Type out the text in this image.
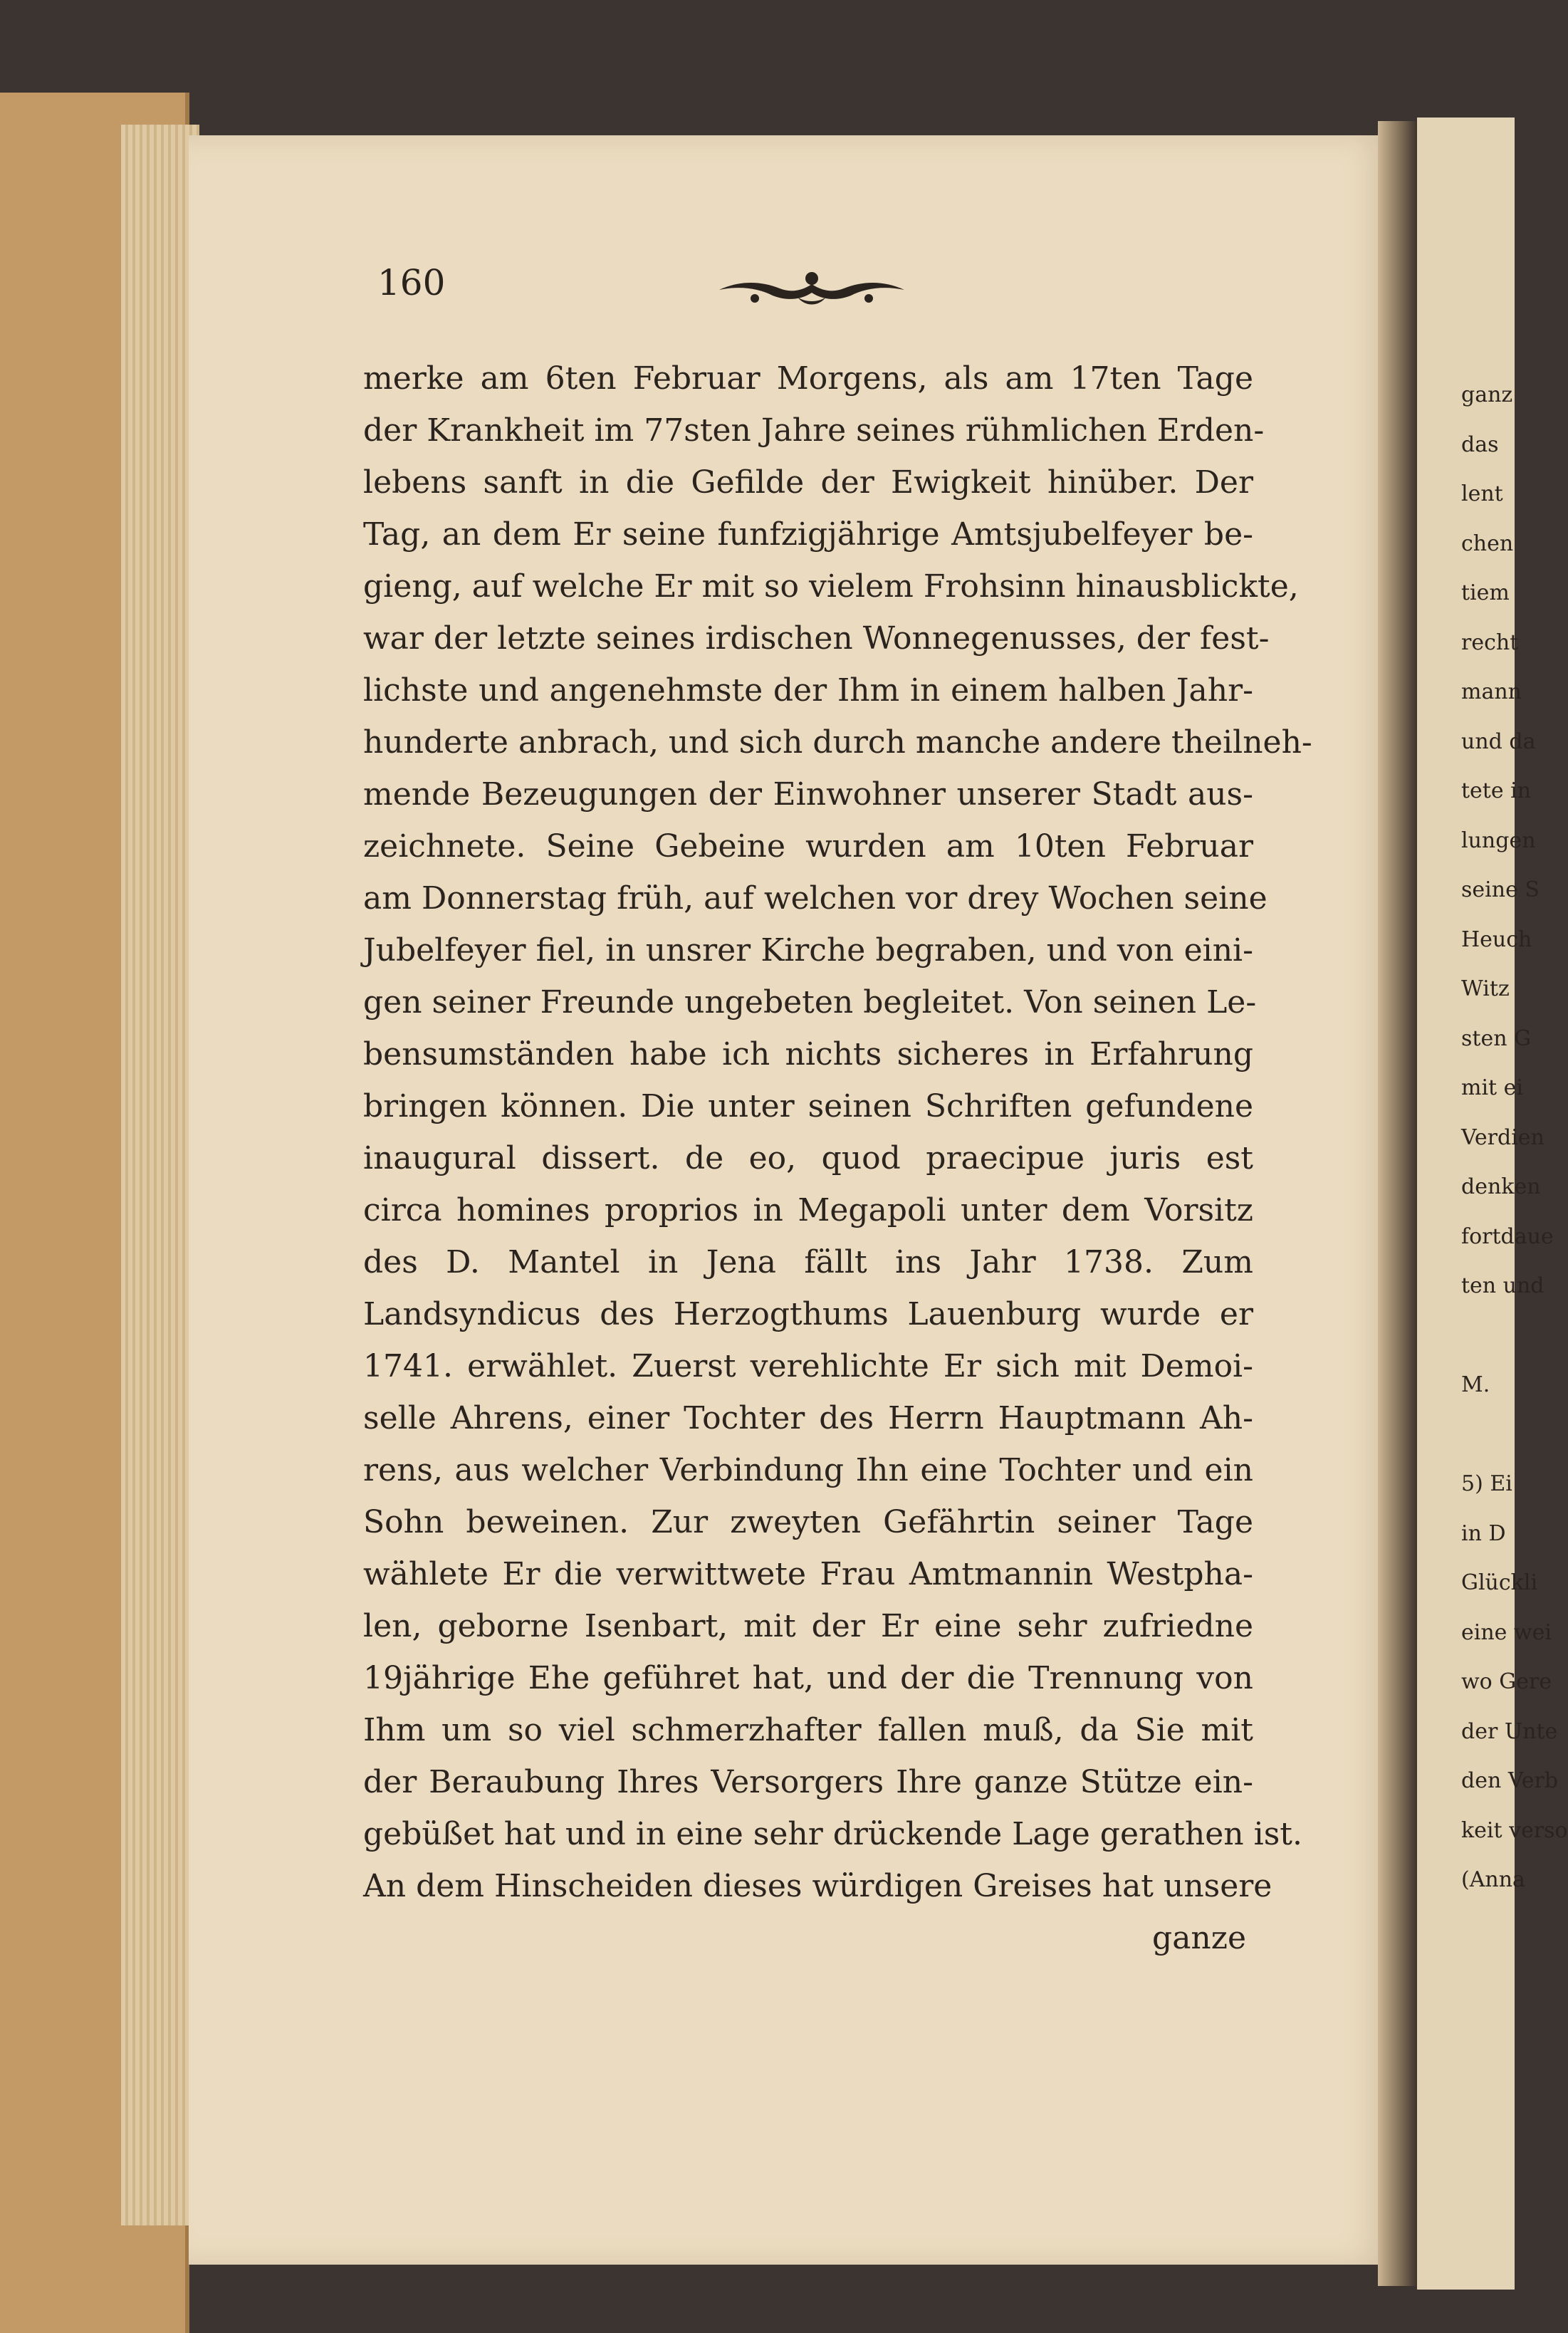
160
merke am 6ten Februar Morgens, als am 17ten Tage
der Krankheit im 77sten Jahre seines rühmlichen Erden-
lebens sanft in die Gefilde der Ewigkeit hinüber. Der
Tag, an dem Er seine funfzigjährige Amtsjubelfeyer be-
gieng, auf welche Er mit so vielem Frohsinn hinausblickte,
war der letzte seines irdischen Wonnegenusses, der fest-
lichste und angenehmste der Ihm in einem halben Jahr-
hunderte anbrach, und sich durch manche andere theilneh-
mende Bezeugungen der Einwohner unserer Stadt aus-
zeichnete. Seine Gebeine wurden am 10ten Februar
am Donnerstag früh, auf welchen vor drey Wochen seine
Jubelfeyer fiel, in unsrer Kirche begraben, und von eini-
gen seiner Freunde ungebeten begleitet. Von seinen Le-
bensumständen habe ich nichts sicheres in Erfahrung
bringen können. Die unter seinen Schriften gefundene
inaugural dissert. de eo, quod praecipue juris est
circa homines proprios in Megapoli unter dem Vorsitz
des D. Mantel in Jena fällt ins Jahr 1738. Zum
Landsyndicus des Herzogthums Lauenburg wurde er
1741. erwählet. Zuerst verehlichte Er sich mit Demoi-
selle Ahrens, einer Tochter des Herrn Hauptmann Ah-
rens, aus welcher Verbindung Ihn eine Tochter und ein
Sohn beweinen. Zur zweyten Gefährtin seiner Tage
wählete Er die verwittwete Frau Amtmannin Westpha-
len, geborne Isenbart, mit der Er eine sehr zufriedne
19jährige Ehe geführet hat, und der die Trennung von
Ihm um so viel schmerzhafter fallen muß, da Sie mit
der Beraubung Ihres Versorgers Ihre ganze Stütze ein-
gebüßet hat und in eine sehr drückende Lage gerathen ist.
An dem Hinscheiden dieses würdigen Greises hat unsere
ganze
ganz
das
lent
chen
tiem
recht
mann
und da
tete in
lungen
seine S
Heuch
Witz
sten G
mit ei
Verdien
denken
fortdaue
ten und

M.

5) Ei
in D
Glückli
eine wei
wo Gere
der Unte
den Verb
keit verso
(Anna
